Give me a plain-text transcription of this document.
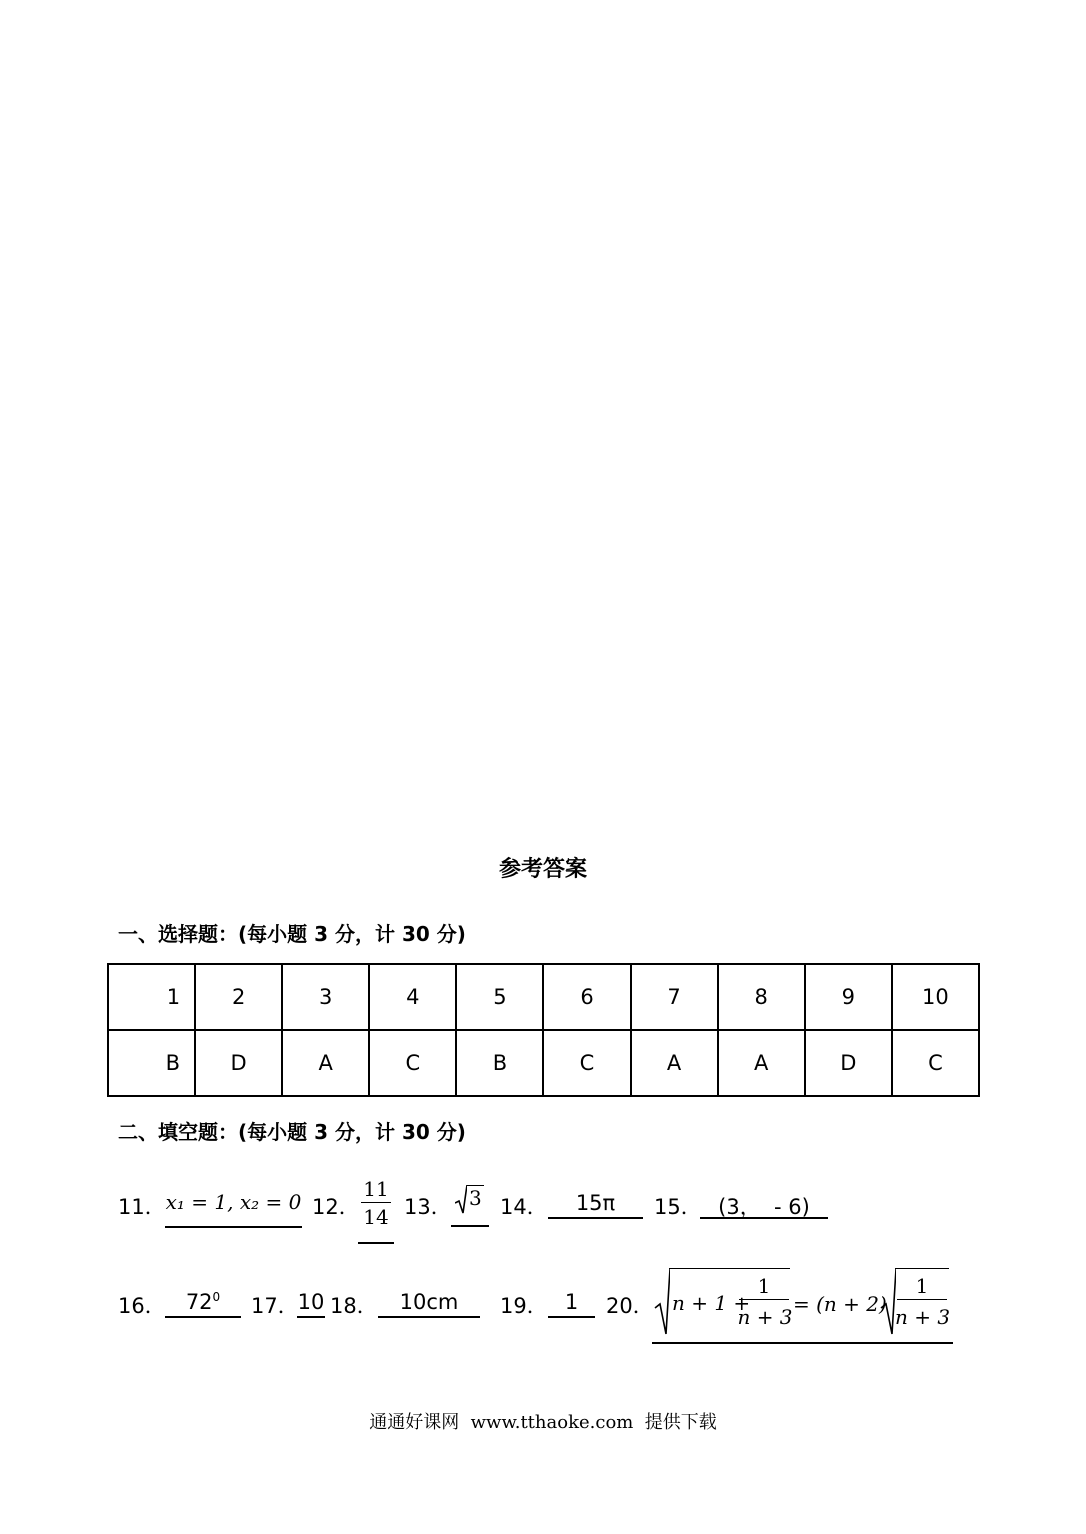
参考答案
一、选择题：(每小题 3 分，计 30 分)
1	2	3	4	5	6	7	8	9	10
B	D	A	C	B	C	A	A	D	C
二、填空题：(每小题 3 分，计 30 分)
11． x₁ = 1, x₂ = 0 12．
$\frac{11}{14} 13$． 3 14．	15π	15． (3，  - 6)
16． $72^0$	17．
10 18．	10cm	19． 1	20． n + 1 +
1
n + 3
= $(n + 2) \frac{1}{n + 3}$
通通好课网  www.tthaoke.com  提供下载
